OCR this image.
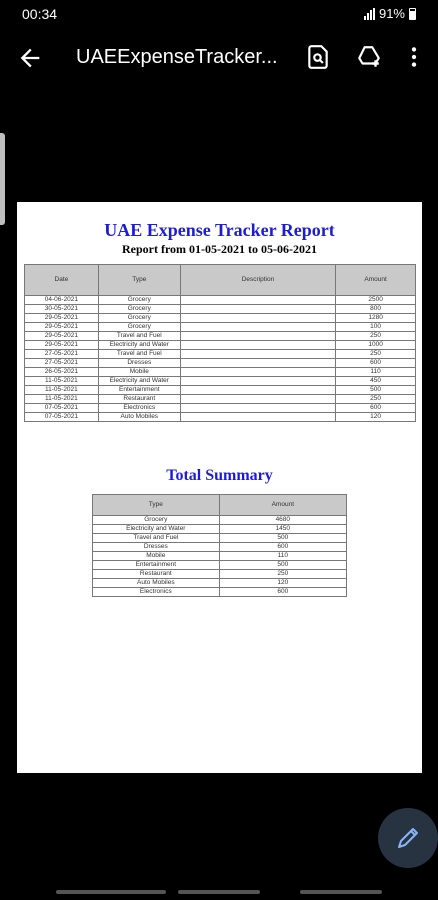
00:34	91%
UAEExpenseTracker...
UAE Expense Tracker Report
Report from 01-05-2021 to 05-06-2021
Date	Type	Description	Amount
04-06-2021	Grocery		2500
30-05-2021	Grocery		800
29-05-2021	Grocery		1280
29-05-2021	Grocery		100
29-05-2021	Travel and Fuel		250
29-05-2021	Electricity and Water		1000
27-05-2021	Travel and Fuel		250
27-05-2021	Dresses		600
26-05-2021	Mobile		110
11-05-2021	Electricity and Water		450
11-05-2021	Entertainment		500
11-05-2021	Restaurant		250
07-05-2021	Electronics		600
07-05-2021	Auto Mobiles		120
Total Summary
Type	Amount
Grocery	4680
Electricity and Water	1450
Travel and Fuel	500
Dresses	600
Mobile	110
Entertainment	500
Restaurant	250
Auto Mobiles	120
Electronics	600
